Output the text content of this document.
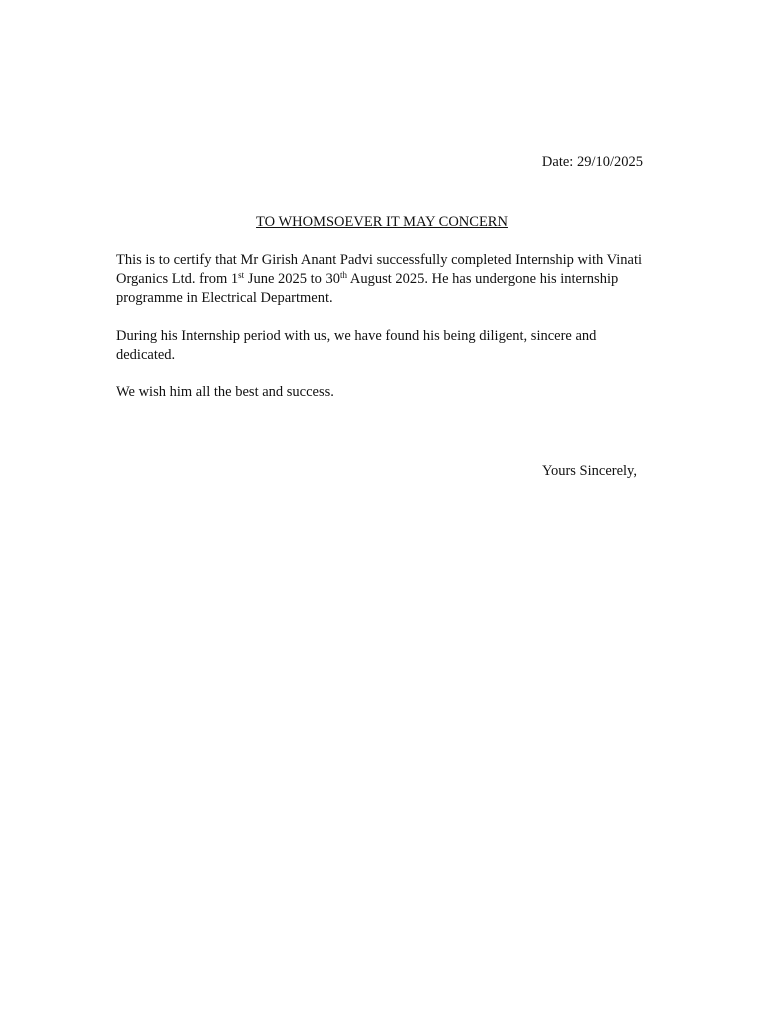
Date: 29/10/2025
TO WHOMSOEVER IT MAY CONCERN

This is to certify that Mr Girish Anant Padvi successfully completed Internship with Vinati Organics Ltd. from 1st June 2025 to 30th August 2025. He has undergone his internship programme in Electrical Department.

During his Internship period with us, we have found his being diligent, sincere and dedicated.

We wish him all the best and success.

Yours Sincerely,
